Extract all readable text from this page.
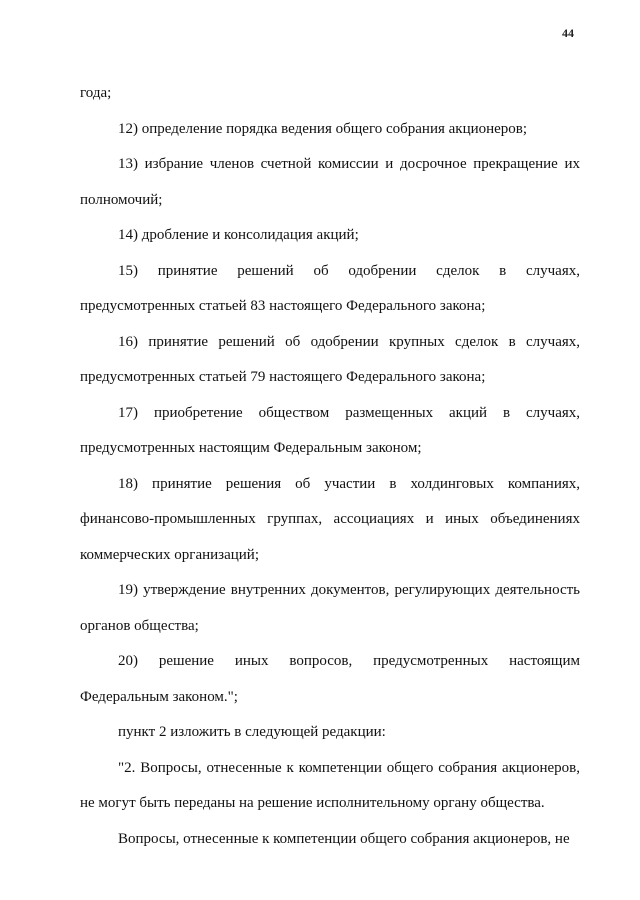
44

года;

12) определение порядка ведения общего собрания акционеров;

13) избрание членов счетной комиссии и досрочное прекращение их полномочий;

14) дробление и консолидация акций;

15) принятие решений об одобрении сделок в случаях, предусмотренных статьей 83 настоящего Федерального закона;

16) принятие решений об одобрении крупных сделок в случаях, предусмотренных статьей 79 настоящего Федерального закона;

17) приобретение обществом размещенных акций в случаях, предусмотренных настоящим Федеральным законом;

18) принятие решения об участии в холдинговых компаниях, финансово-промышленных группах, ассоциациях и иных объединениях коммерческих организаций;

19) утверждение внутренних документов, регулирующих деятельность органов общества;

20) решение иных вопросов, предусмотренных настоящим Федеральным законом.";

пункт 2 изложить в следующей редакции:

"2. Вопросы, отнесенные к компетенции общего собрания акционеров, не могут быть переданы на решение исполнительному органу общества.

Вопросы, отнесенные к компетенции общего собрания акционеров, не
